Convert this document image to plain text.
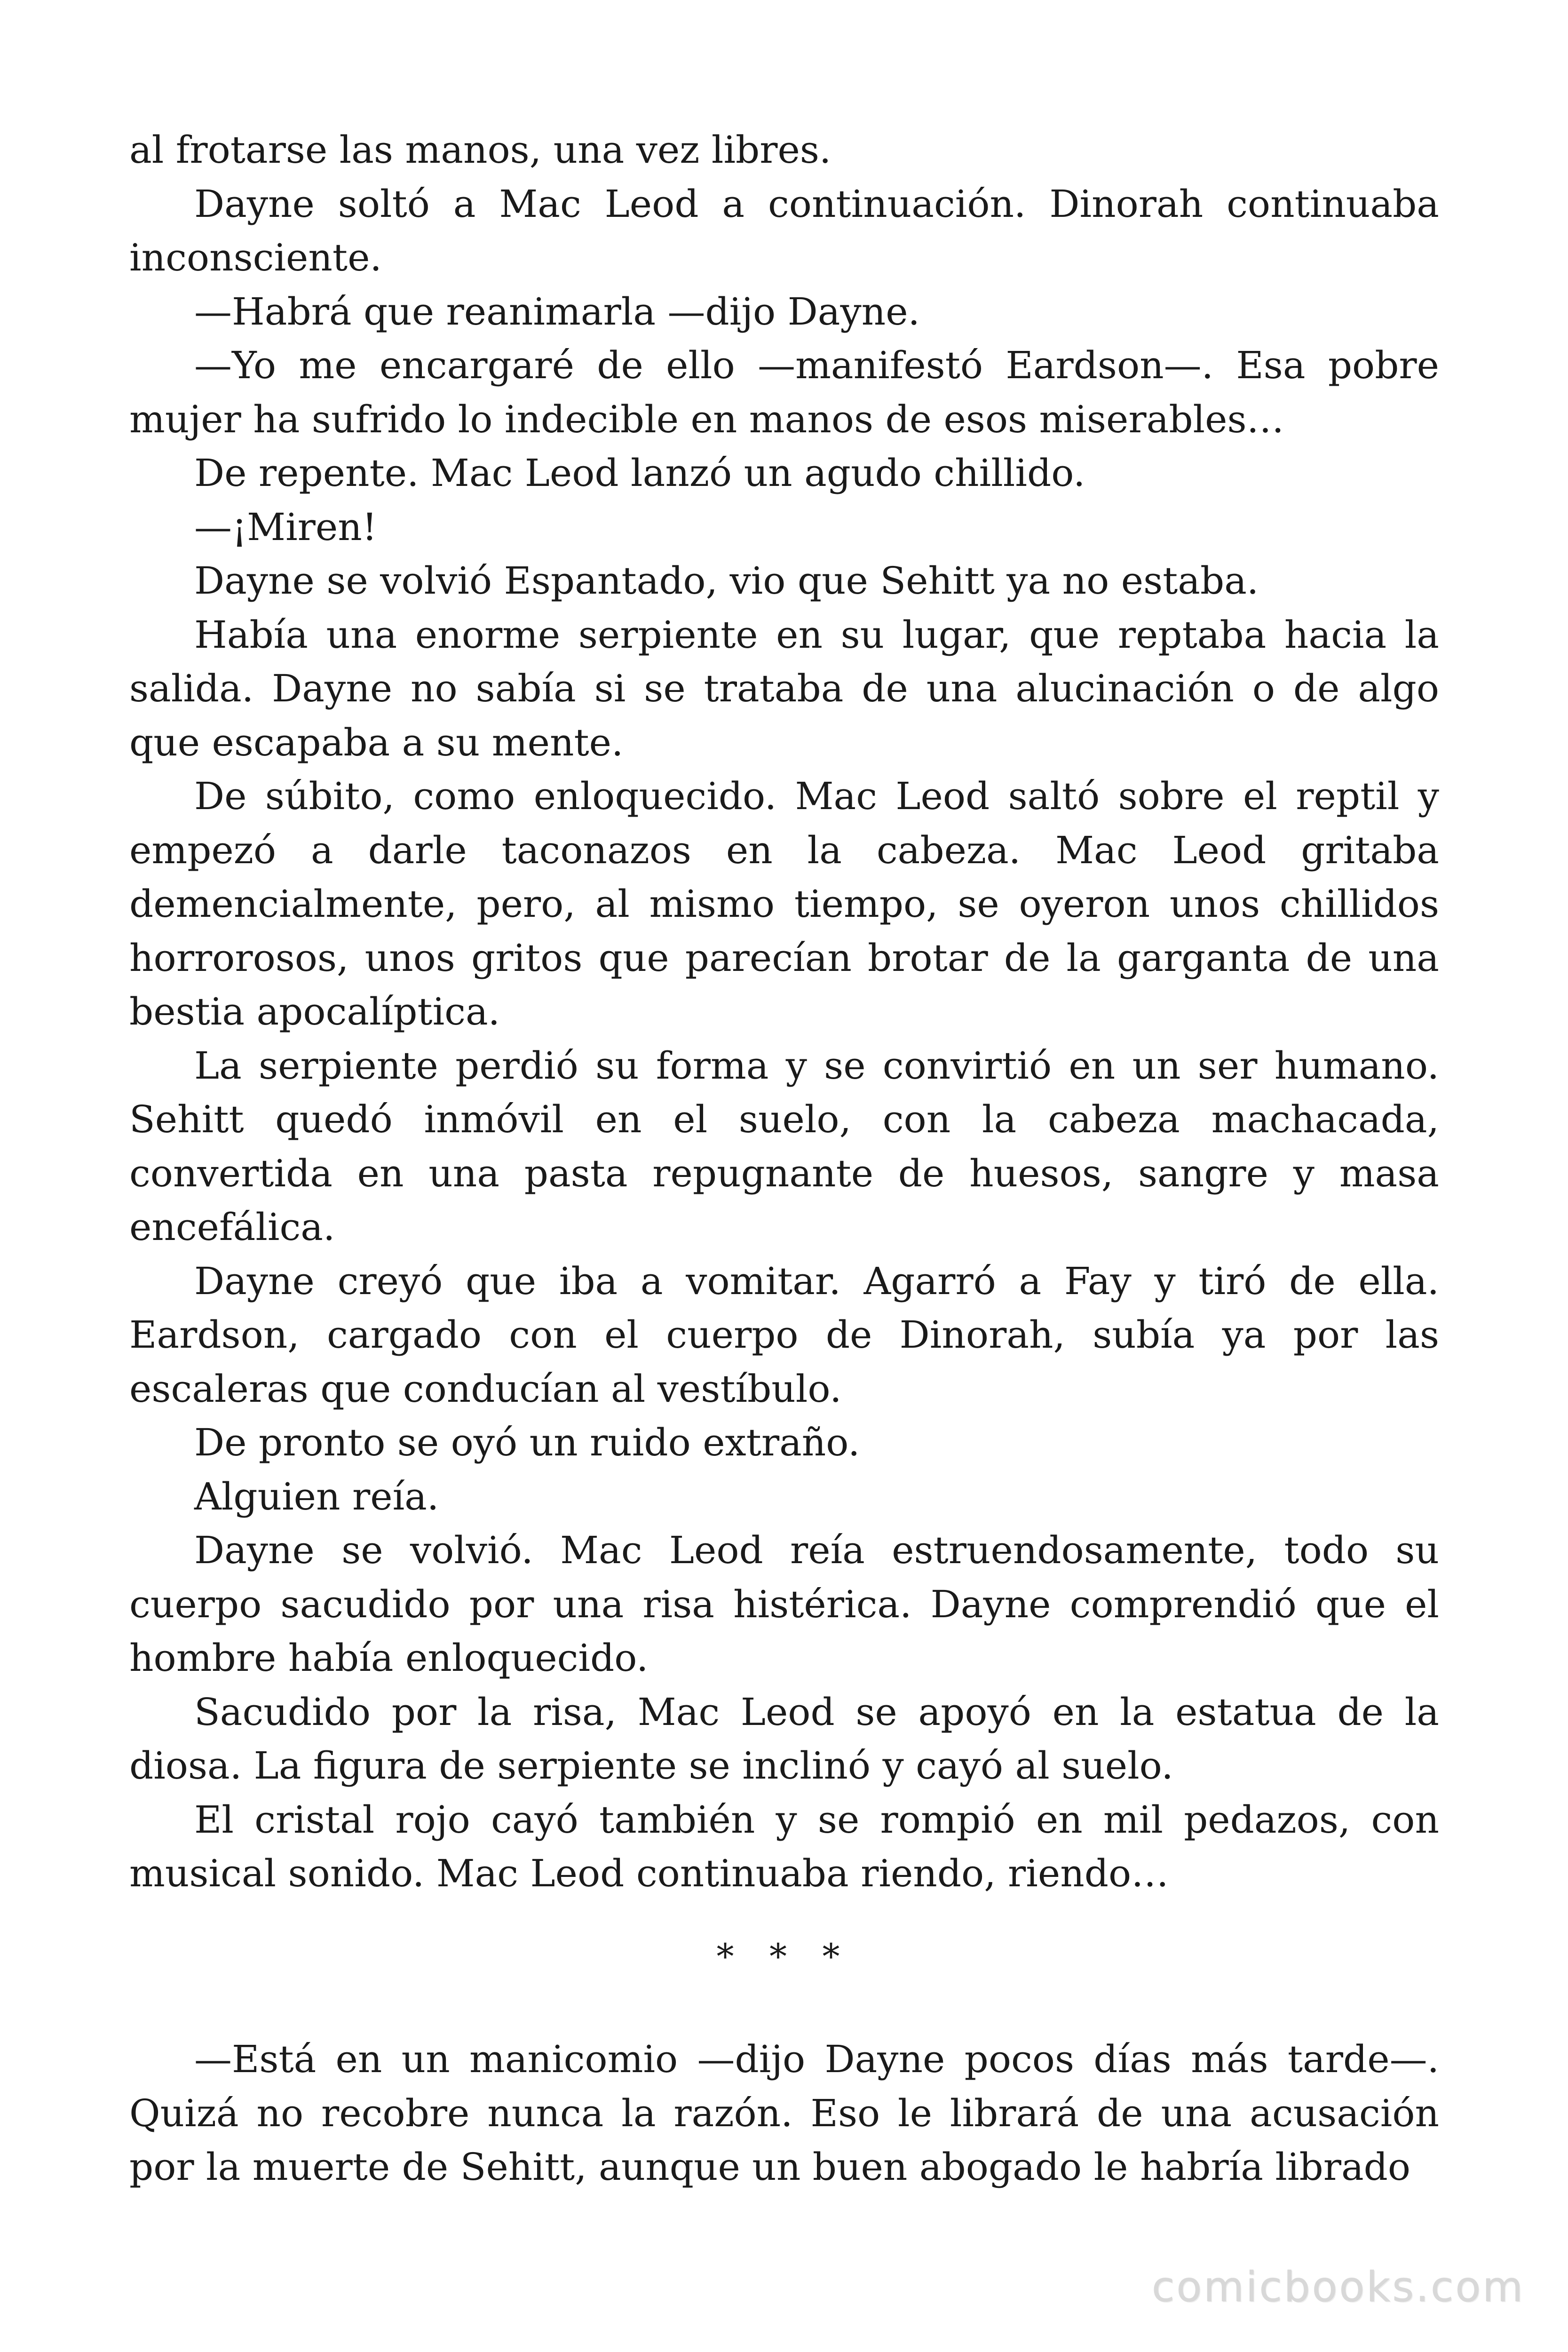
al frotarse las manos, una vez libres.

Dayne soltó a Mac Leod a continuación. Dinorah continuaba inconsciente.

—Habrá que reanimarla —dijo Dayne.

—Yo me encargaré de ello —manifestó Eardson—. Esa pobre mujer ha sufrido lo indecible en manos de esos miserables…

De repente. Mac Leod lanzó un agudo chillido.

—¡Miren!

Dayne se volvió Espantado, vio que Sehitt ya no estaba.

Había una enorme serpiente en su lugar, que reptaba hacia la salida. Dayne no sabía si se trataba de una alucinación o de algo que escapaba a su mente.

De súbito, como enloquecido. Mac Leod saltó sobre el reptil y empezó a darle taconazos en la cabeza. Mac Leod gritaba demencialmente, pero, al mismo tiempo, se oyeron unos chillidos horrorosos, unos gritos que parecían brotar de la garganta de una bestia apocalíptica.

La serpiente perdió su forma y se convirtió en un ser humano. Sehitt quedó inmóvil en el suelo, con la cabeza machacada, convertida en una pasta repugnante de huesos, sangre y masa encefálica.

Dayne creyó que iba a vomitar. Agarró a Fay y tiró de ella. Eardson, cargado con el cuerpo de Dinorah, subía ya por las escaleras que conducían al vestíbulo.

De pronto se oyó un ruido extraño.

Alguien reía.

Dayne se volvió. Mac Leod reía estruendosamente, todo su cuerpo sacudido por una risa histérica. Dayne comprendió que el hombre había enloquecido.

Sacudido por la risa, Mac Leod se apoyó en la estatua de la diosa. La figura de serpiente se inclinó y cayó al suelo.

El cristal rojo cayó también y se rompió en mil pedazos, con musical sonido. Mac Leod continuaba riendo, riendo…

* * *

—Está en un manicomio —dijo Dayne pocos días más tarde—. Quizá no recobre nunca la razón. Eso le librará de una acusación por la muerte de Sehitt, aunque un buen abogado le habría librado

comicbooks.com
